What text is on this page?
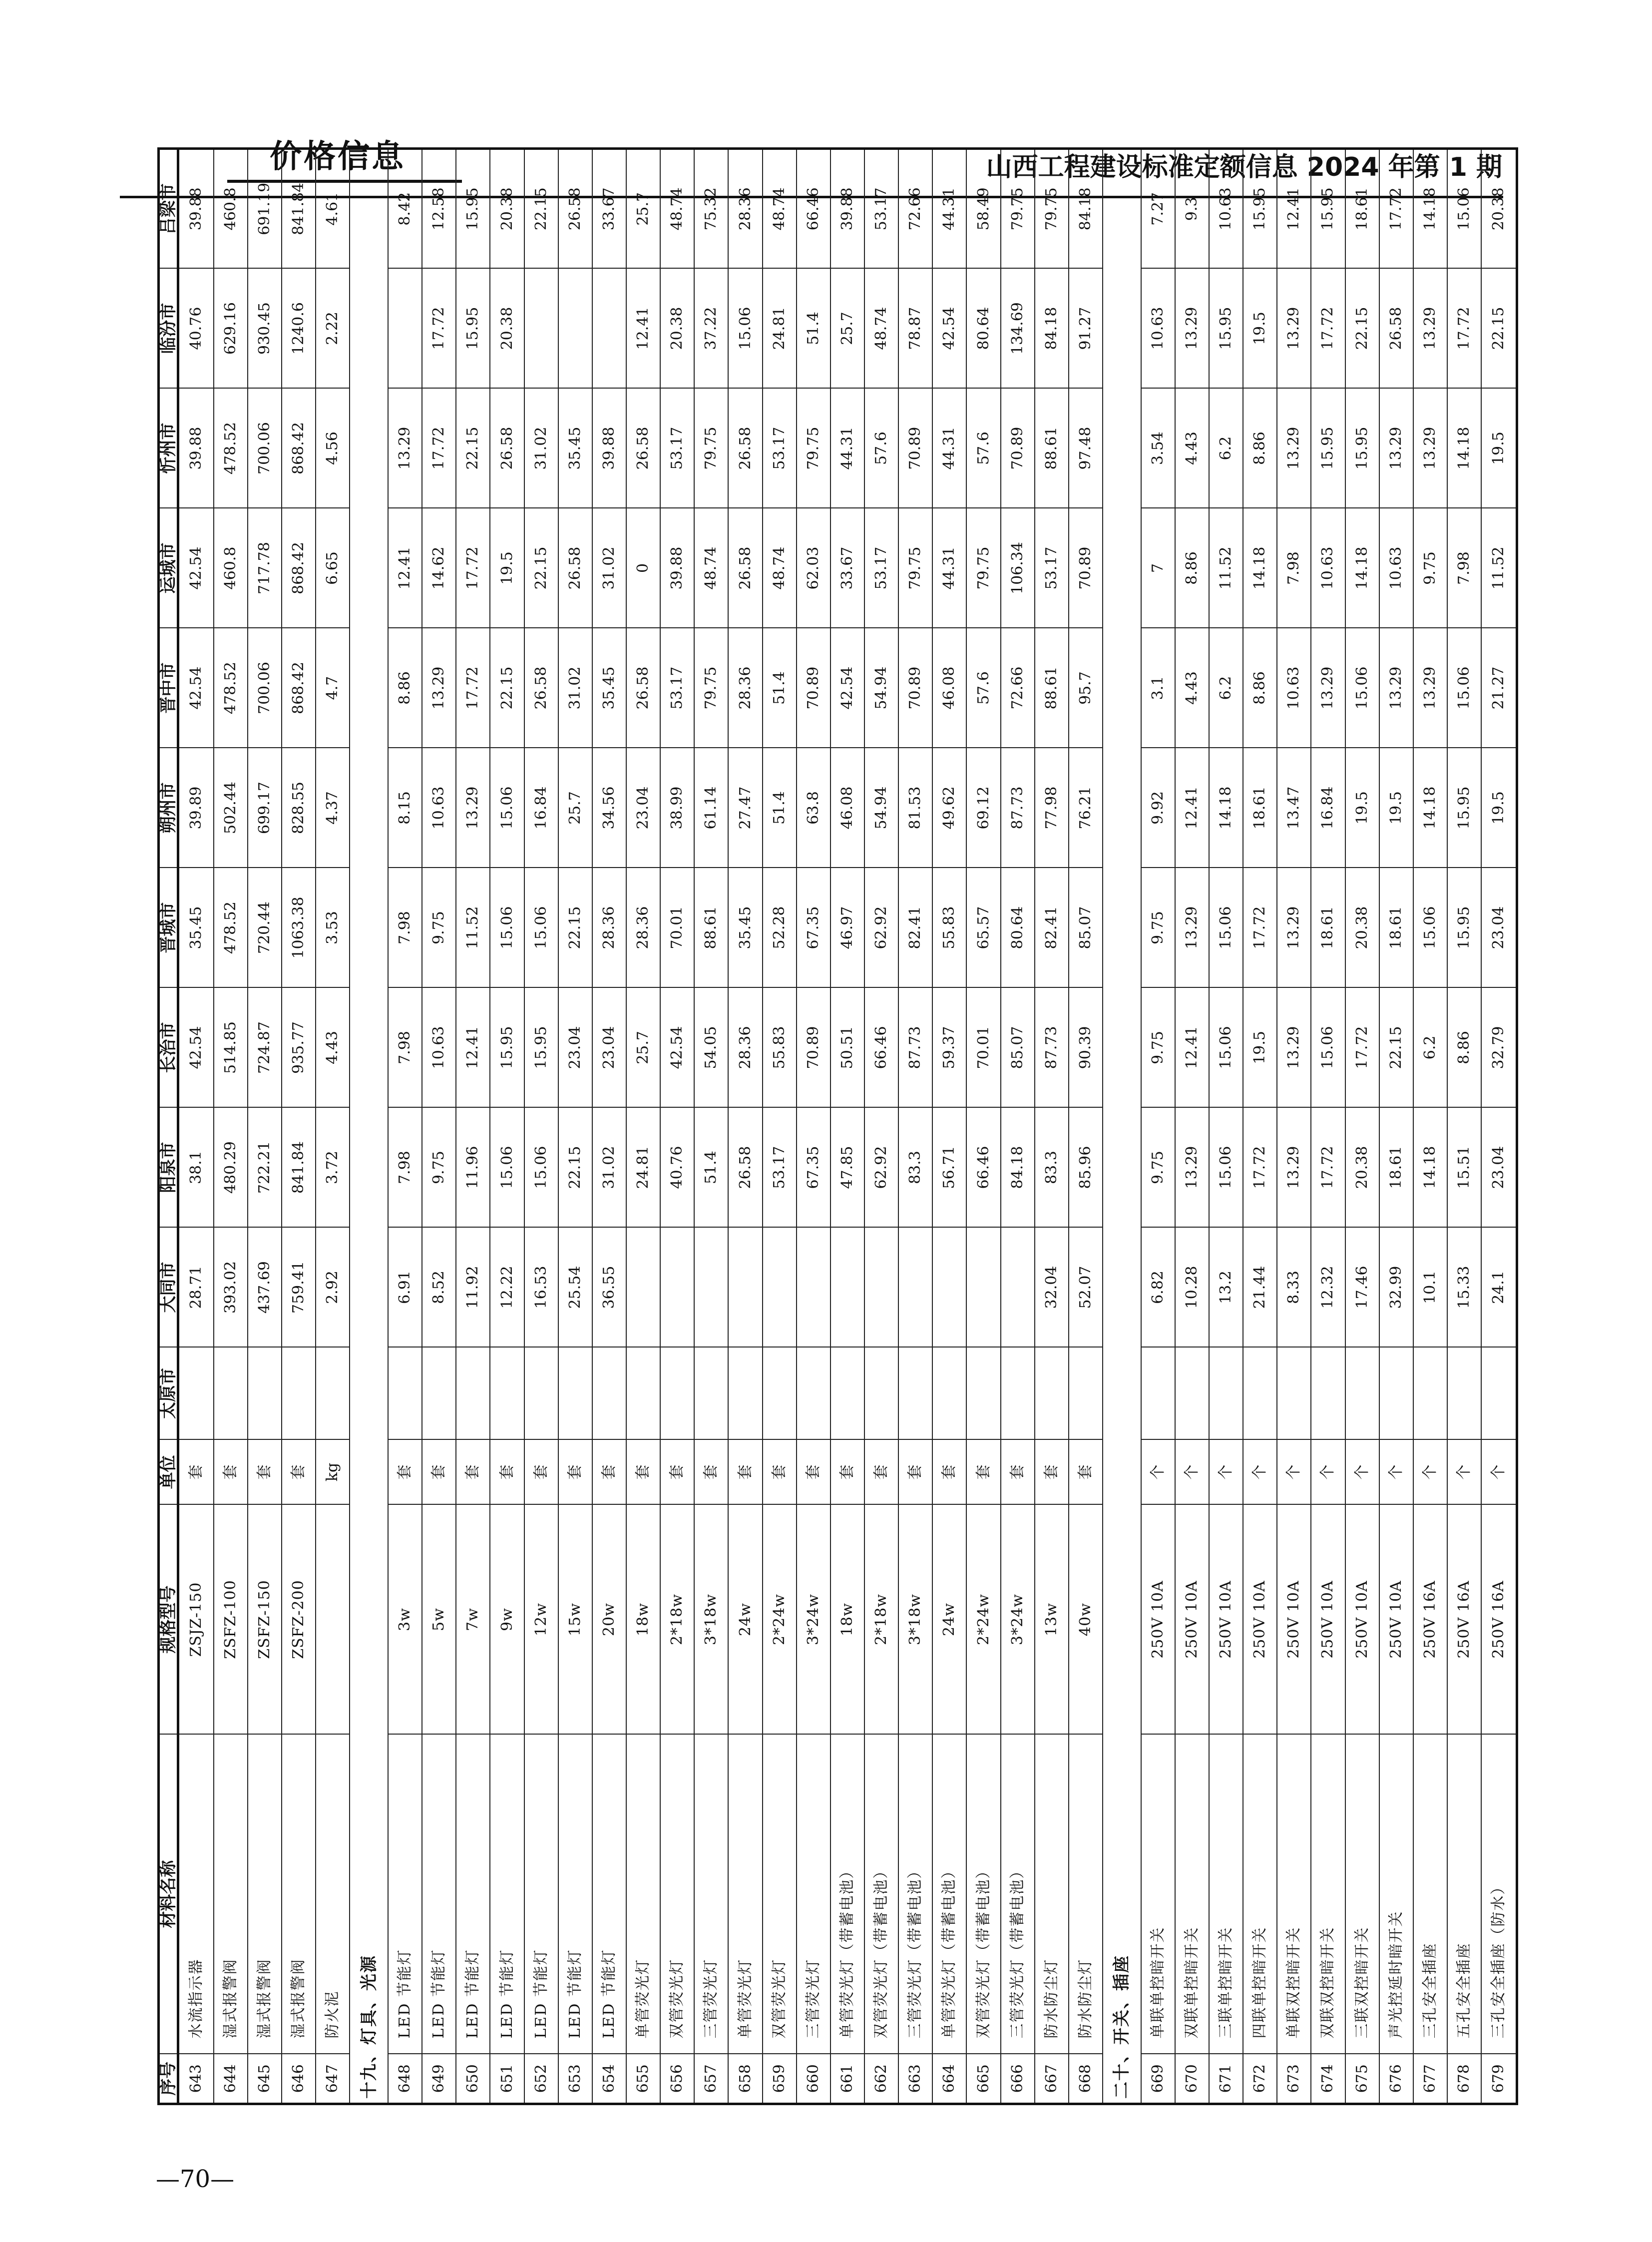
价格信息	山西工程建设标准定额信息 2024 年第 1 期
序号	材料名称	规格型号	单位	太原市	大同市	阳泉市	长治市	晋城市	朔州市	晋中市	运城市	忻州市	临汾市	吕梁市
643	水流指示器	ZSJZ-150	套		28.71	38.1	42.54	35.45	39.89	42.54	42.54	39.88	40.76	39.88
644	湿式报警阀	ZSFZ-100	套		393.02	480.29	514.85	478.52	502.44	478.52	460.8	478.52	629.16	460.8
645	湿式报警阀	ZSFZ-150	套		437.69	722.21	724.87	720.44	699.17	700.06	717.78	700.06	930.45	691.19
646	湿式报警阀	ZSFZ-200	套		759.41	841.84	935.77	1063.38	828.55	868.42	868.42	868.42	1240.6	841.84
647	防火泥		kg		2.92	3.72	4.43	3.53	4.37	4.7	6.65	4.56	2.22	4.61
十九、灯具、光源														
648	LED 节能灯	3w	套		6.91	7.98	7.98	7.98	8.15	8.86	12.41	13.29		8.42
649	LED 节能灯	5w	套		8.52	9.75	10.63	9.75	10.63	13.29	14.62	17.72	17.72	12.58
650	LED 节能灯	7w	套		11.92	11.96	12.41	11.52	13.29	17.72	17.72	22.15	15.95	15.95
651	LED 节能灯	9w	套		12.22	15.06	15.95	15.06	15.06	22.15	19.5	26.58	20.38	20.38
652	LED 节能灯	12w	套		16.53	15.06	15.95	15.06	16.84	26.58	22.15	31.02		22.15
653	LED 节能灯	15w	套		25.54	22.15	23.04	22.15	25.7	31.02	26.58	35.45		26.58
654	LED 节能灯	20w	套		36.55	31.02	23.04	28.36	34.56	35.45	31.02	39.88		33.67
655	单管荧光灯	18w	套			24.81	25.7	28.36	23.04	26.58	0	26.58	12.41	25.7
656	双管荧光灯	2*18w	套			40.76	42.54	70.01	38.99	53.17	39.88	53.17	20.38	48.74
657	三管荧光灯	3*18w	套			51.4	54.05	88.61	61.14	79.75	48.74	79.75	37.22	75.32
658	单管荧光灯	24w	套			26.58	28.36	35.45	27.47	28.36	26.58	26.58	15.06	28.36
659	双管荧光灯	2*24w	套			53.17	55.83	52.28	51.4	51.4	48.74	53.17	24.81	48.74
660	三管荧光灯	3*24w	套			67.35	70.89	67.35	63.8	70.89	62.03	79.75	51.4	66.46
661	单管荧光灯（带蓄电池）	18w	套			47.85	50.51	46.97	46.08	42.54	33.67	44.31	25.7	39.88
662	双管荧光灯（带蓄电池）	2*18w	套			62.92	66.46	62.92	54.94	54.94	53.17	57.6	48.74	53.17
663	三管荧光灯（带蓄电池）	3*18w	套			83.3	87.73	82.41	81.53	70.89	79.75	70.89	78.87	72.66
664	单管荧光灯（带蓄电池）	24w	套			56.71	59.37	55.83	49.62	46.08	44.31	44.31	42.54	44.31
665	双管荧光灯（带蓄电池）	2*24w	套			66.46	70.01	65.57	69.12	57.6	79.75	57.6	80.64	58.49
666	三管荧光灯（带蓄电池）	3*24w	套			84.18	85.07	80.64	87.73	72.66	106.34	70.89	134.69	79.75
667	防水防尘灯	13w	套		32.04	83.3	87.73	82.41	77.98	88.61	53.17	88.61	84.18	79.75
668	防水防尘灯	40w	套		52.07	85.96	90.39	85.07	76.21	95.7	70.89	97.48	91.27	84.18
二十、开关、插座														
669	单联单控暗开关	250V 10A	个		6.82	9.75	9.75	9.75	9.92	3.1	7	3.54	10.63	7.27
670	双联单控暗开关	250V 10A	个		10.28	13.29	12.41	13.29	12.41	4.43	8.86	4.43	13.29	9.3
671	三联单控暗开关	250V 10A	个		13.2	15.06	15.06	15.06	14.18	6.2	11.52	6.2	15.95	10.63
672	四联单控暗开关	250V 10A	个		21.44	17.72	19.5	17.72	18.61	8.86	14.18	8.86	19.5	15.95
673	单联双控暗开关	250V 10A	个		8.33	13.29	13.29	13.29	13.47	10.63	7.98	13.29	13.29	12.41
674	双联双控暗开关	250V 10A	个		12.32	17.72	15.06	18.61	16.84	13.29	10.63	15.95	17.72	15.95
675	三联双控暗开关	250V 10A	个		17.46	20.38	17.72	20.38	19.5	15.06	14.18	15.95	22.15	18.61
676	声光控延时暗开关	250V 10A	个		32.99	18.61	22.15	18.61	19.5	13.29	10.63	13.29	26.58	17.72
677	三孔安全插座	250V 16A	个		10.1	14.18	6.2	15.06	14.18	13.29	9.75	13.29	13.29	14.18
678	五孔安全插座	250V 16A	个		15.33	15.51	8.86	15.95	15.95	15.06	7.98	14.18	17.72	15.06
679	三孔安全插座（防水）	250V 16A	个		24.1	23.04	32.79	23.04	19.5	21.27	11.52	19.5	22.15	20.38
—70—
